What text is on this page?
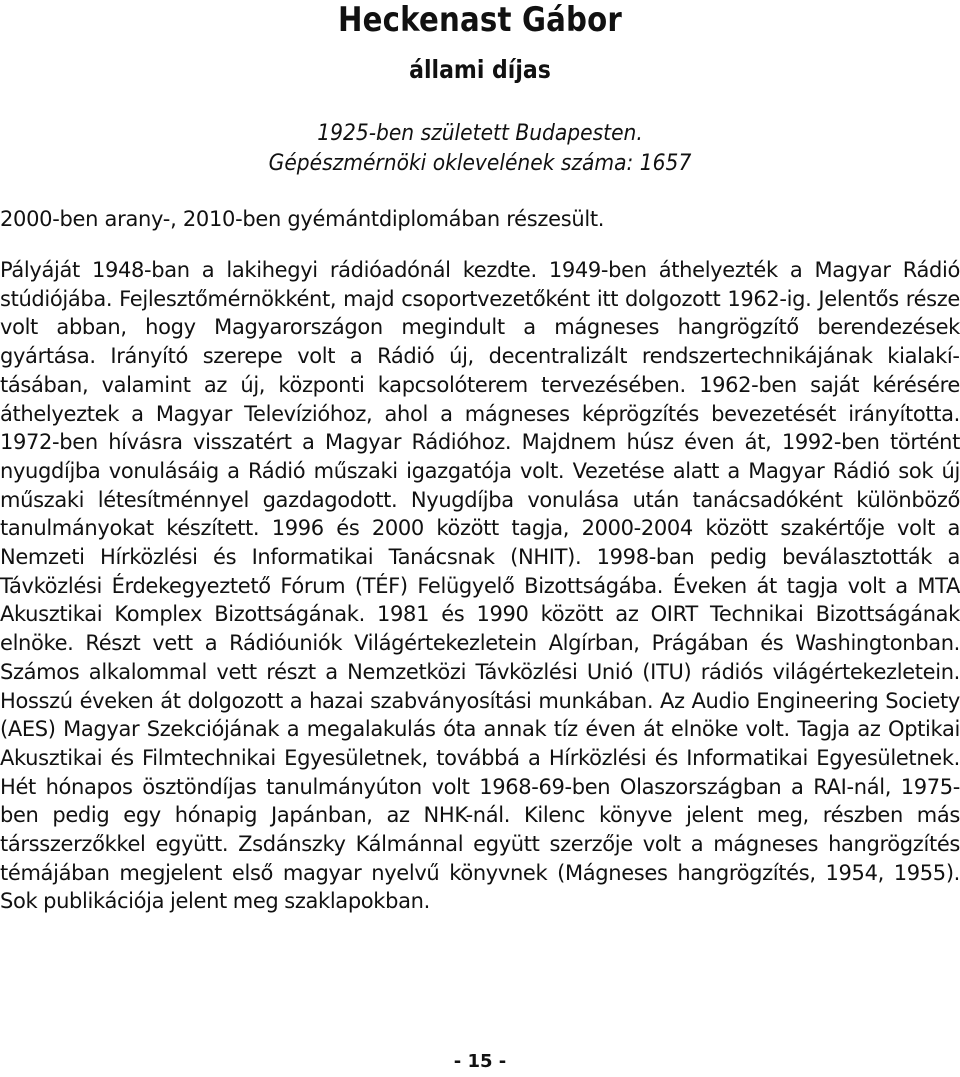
Heckenast Gábor
állami díjas
1925-ben született Budapesten.
Gépészmérnöki oklevelének száma: 1657
2000-ben arany-, 2010-ben gyémántdiplomában részesült.

Pályáját 1948-ban a lakihegyi rádióadónál kezdte. 1949-ben áthelyezték a Magyar Rádió stúdiójába. Fejlesztőmérnökként, majd csoportvezetőként itt dolgozott 1962-ig. Jelentős része volt abban, hogy Magyarországon megindult a mágneses hangrögzítő berendezések gyártása. Irányító szerepe volt a Rádió új, decentralizált rendszertechnikájának kialakításában, valamint az új, központi kapcsolóterem tervezésében. 1962-ben saját kérésére áthelyeztek a Magyar Televízióhoz, ahol a mágneses képrögzítés bevezetését irányította. 1972-ben hívásra visszatért a Magyar Rádióhoz. Majdnem húsz éven át, 1992-ben történt nyugdíjba vonulásáig a Rádió műszaki igazgatója volt. Vezetése alatt a Magyar Rádió sok új műszaki létesítménnyel gazdagodott. Nyugdíjba vonulása után tanácsadóként különböző tanulmányokat készített. 1996 és 2000 között tagja, 2000-2004 között szakértője volt a Nemzeti Hírközlési és Informatikai Tanácsnak (NHIT). 1998-ban pedig beválasztották a Távközlési Érdekegyeztető Fórum (TÉF) Felügyelő Bizottságába. Éveken át tagja volt a MTA Akusztikai Komplex Bizottságának. 1981 és 1990 között az OIRT Technikai Bizottságának elnöke. Részt vett a Rádióuniók Világértekezletein Algírban, Prágában és Washingtonban. Számos alkalommal vett részt a Nemzetközi Távközlési Unió (ITU) rádiós világértekezletein. Hosszú éveken át dolgozott a hazai szabványosítási munkában. Az Audio Engineering Society (AES) Magyar Szekciójának a megalakulás óta annak tíz éven át elnöke volt. Tagja az Optikai Akusztikai és Filmtechnikai Egyesületnek, továbbá a Hírközlési és Informatikai Egyesületnek. Hét hónapos ösztöndíjas tanulmányúton volt 1968-69-ben Olaszországban a RAI-nál, 1975-ben pedig egy hónapig Japánban, az NHK-nál. Kilenc könyve jelent meg, részben más társszerzőkkel együtt. Zsdánszky Kálmánnal együtt szerzője volt a mágneses hangrögzítés témájában megjelent első magyar nyelvű könyvnek (Mágneses hangrögzítés, 1954, 1955). Sok publikációja jelent meg szaklapokban.

- 15 -
